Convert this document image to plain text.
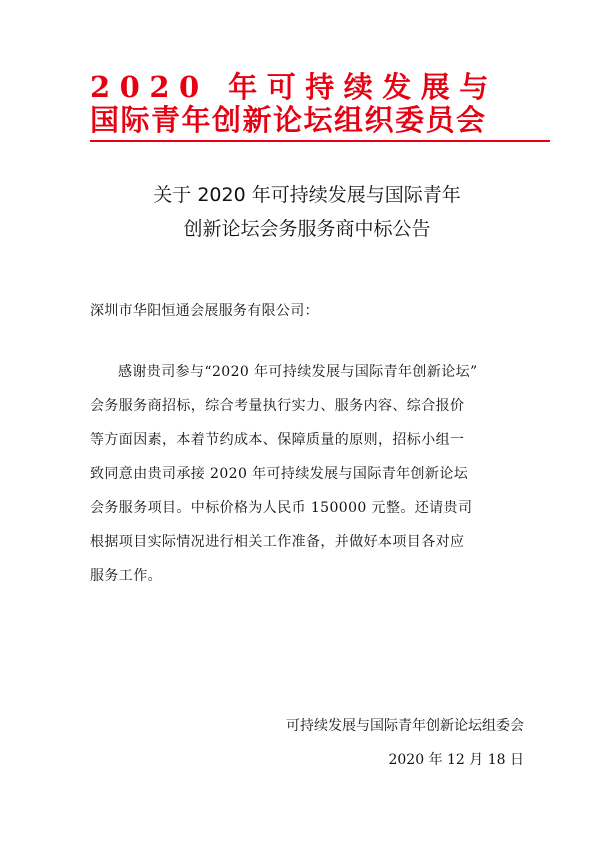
2020 年可持续发展与
国际青年创新论坛组织委员会
关于 2020 年可持续发展与国际青年
创新论坛会务服务商中标公告
深圳市华阳恒通会展服务有限公司：
感谢贵司参与“2020 年可持续发展与国际青年创新论坛”
会务服务商招标，综合考量执行实力、服务内容、综合报价
等方面因素，本着节约成本、保障质量的原则，招标小组一
致同意由贵司承接 2020 年可持续发展与国际青年创新论坛
会务服务项目。中标价格为人民币 150000 元整。还请贵司
根据项目实际情况进行相关工作准备，并做好本项目各对应
服务工作。
可持续发展与国际青年创新论坛组委会
2020 年 12 月 18 日
